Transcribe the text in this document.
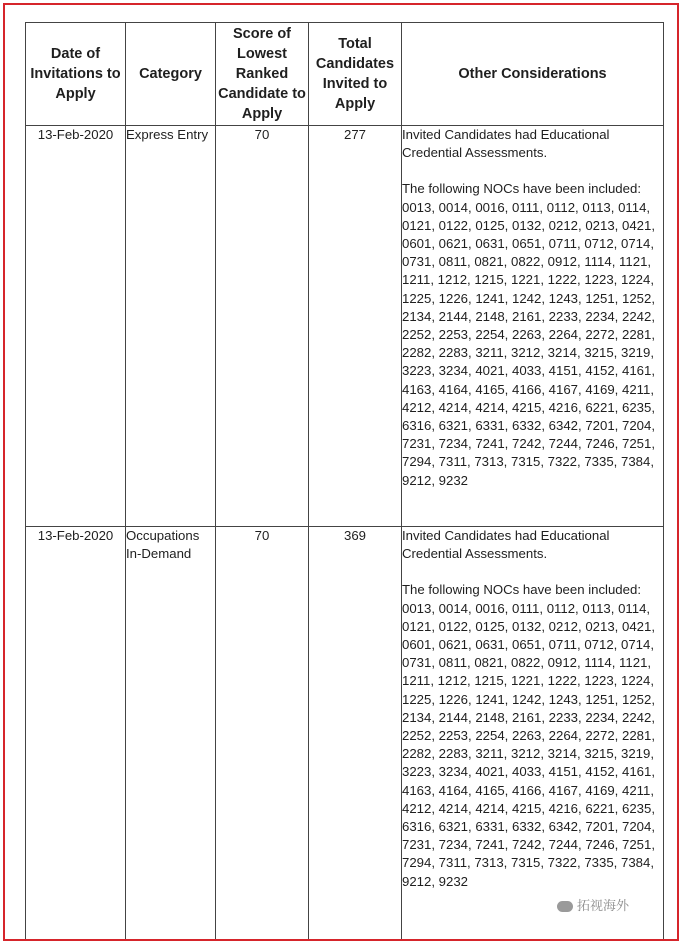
Date of Invitations to Apply	Category	Score of Lowest Ranked Candidate to Apply	Total Candidates Invited to Apply	Other Considerations
13-Feb-2020	Express Entry	70	277	Invited Candidates had Educational Credential Assessments.
The following NOCs have been included:
0013, 0014, 0016, 0111, 0112, 0113, 0114, 0121, 0122, 0125, 0132, 0212, 0213, 0421, 0601, 0621, 0631, 0651, 0711, 0712, 0714, 0731, 0811, 0821, 0822, 0912, 1114, 1121, 1211, 1212, 1215, 1221, 1222, 1223, 1224, 1225, 1226, 1241, 1242, 1243, 1251, 1252, 2134, 2144, 2148, 2161, 2233, 2234, 2242, 2252, 2253, 2254, 2263, 2264, 2272, 2281, 2282, 2283, 3211, 3212, 3214, 3215, 3219, 3223, 3234, 4021, 4033, 4151, 4152, 4161, 4163, 4164, 4165, 4166, 4167, 4169, 4211, 4212, 4214, 4214, 4215, 4216, 6221, 6235, 6316, 6321, 6331, 6332, 6342, 7201, 7204, 7231, 7234, 7241, 7242, 7244, 7246, 7251, 7294, 7311, 7313, 7315, 7322, 7335, 7384, 9212, 9232

13-Feb-2020	Occupations In-Demand	70	369	Invited Candidates had Educational Credential Assessments.
The following NOCs have been included:
0013, 0014, 0016, 0111, 0112, 0113, 0114, 0121, 0122, 0125, 0132, 0212, 0213, 0421, 0601, 0621, 0631, 0651, 0711, 0712, 0714, 0731, 0811, 0821, 0822, 0912, 1114, 1121, 1211, 1212, 1215, 1221, 1222, 1223, 1224, 1225, 1226, 1241, 1242, 1243, 1251, 1252, 2134, 2144, 2148, 2161, 2233, 2234, 2242, 2252, 2253, 2254, 2263, 2264, 2272, 2281, 2282, 2283, 3211, 3212, 3214, 3215, 3219, 3223, 3234, 4021, 4033, 4151, 4152, 4161, 4163, 4164, 4165, 4166, 4167, 4169, 4211, 4212, 4214, 4214, 4215, 4216, 6221, 6235, 6316, 6321, 6331, 6332, 6342, 7201, 7204, 7231, 7234, 7241, 7242, 7244, 7246, 7251, 7294, 7311, 7313, 7315, 7322, 7335, 7384, 9212, 9232
拓视海外
